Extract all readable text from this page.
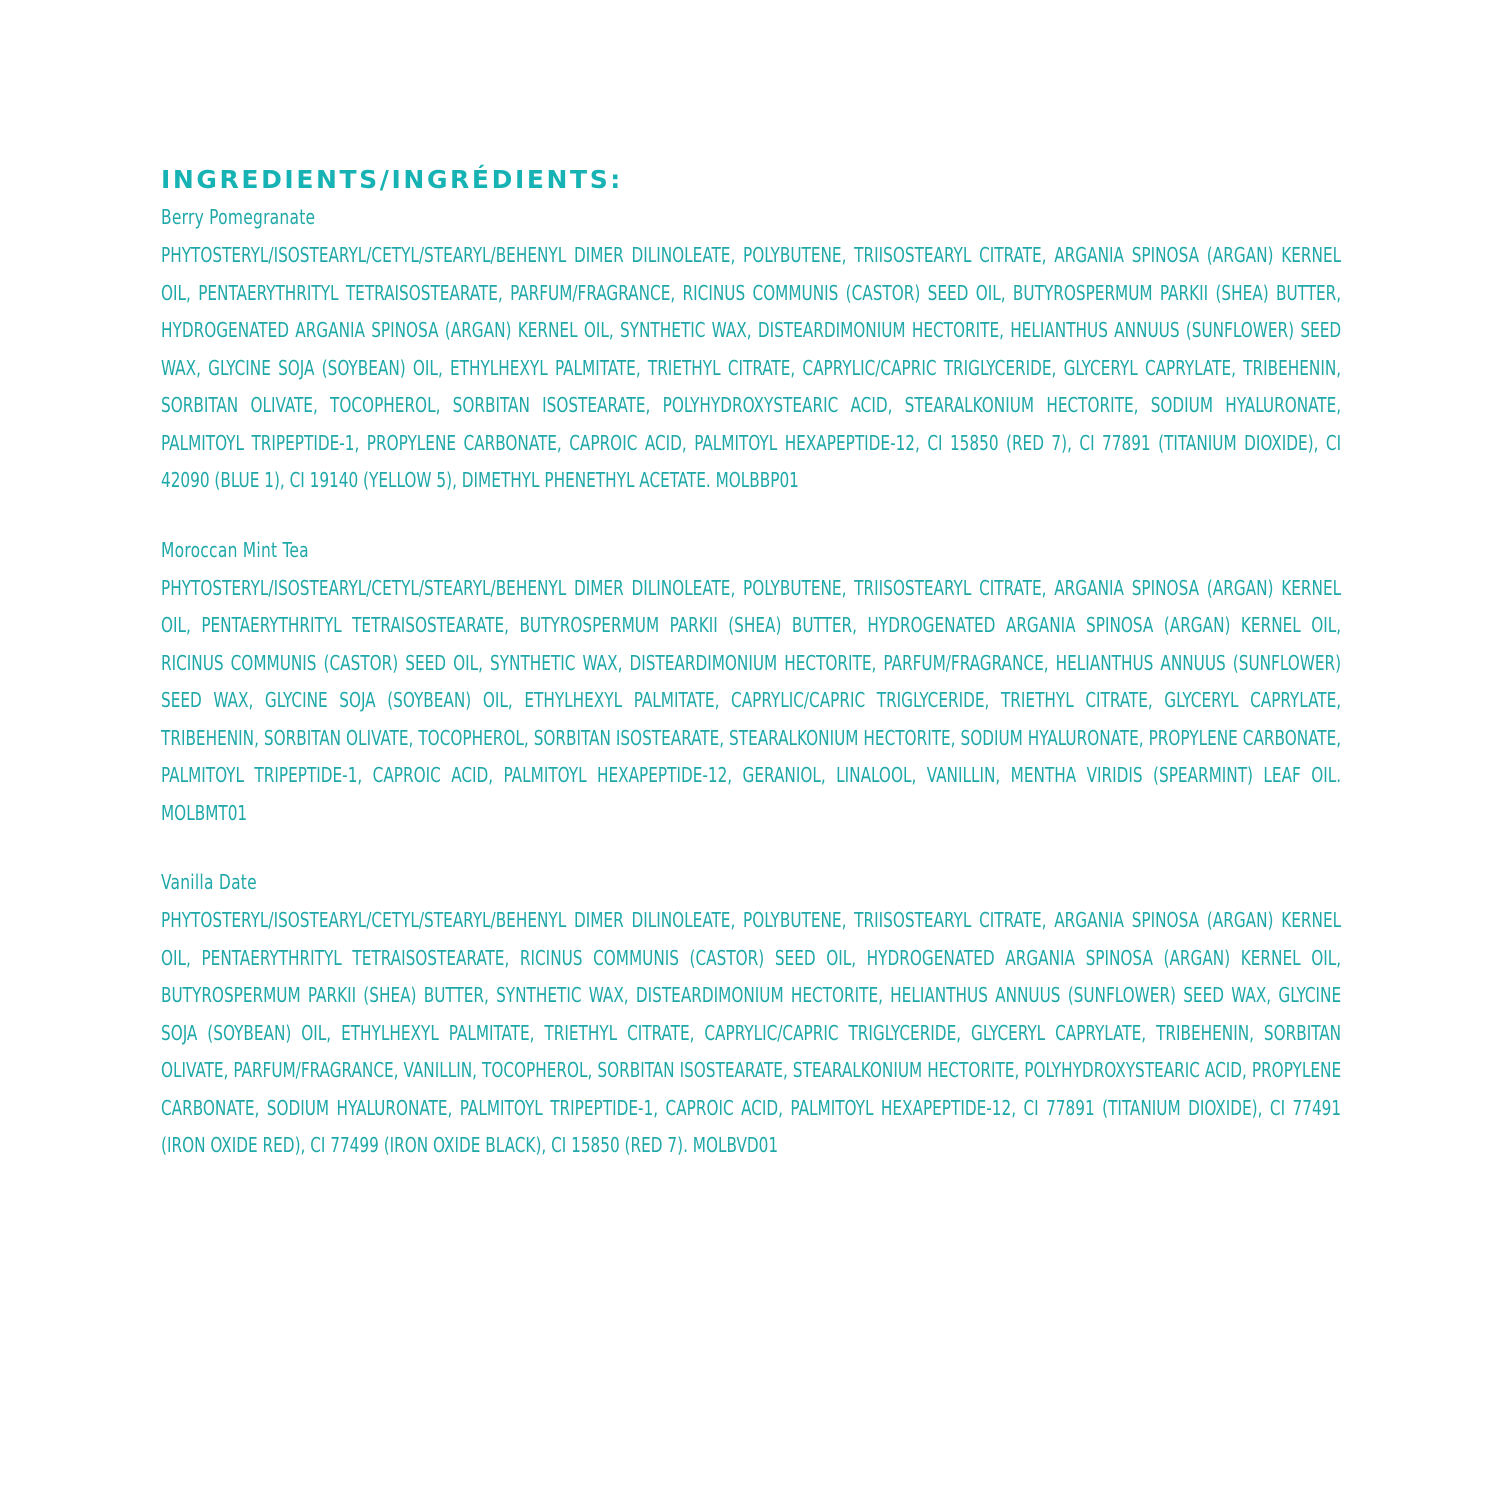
INGREDIENTS/INGRÉDIENTS:
Berry Pomegranate

PHYTOSTERYL/ISOSTEARYL/CETYL/STEARYL/BEHENYL DIMER DILINOLEATE, POLYBUTENE, TRIISOSTEARYL CITRATE, ARGANIA SPINOSA (ARGAN) KERNEL OIL, PENTAERYTHRITYL TETRAISOSTEARATE, PARFUM/FRAGRANCE, RICINUS COMMUNIS (CASTOR) SEED OIL, BUTYROSPERMUM PARKII (SHEA) BUTTER, HYDROGENATED ARGANIA SPINOSA (ARGAN) KERNEL OIL, SYNTHETIC WAX, DISTEARDIMONIUM HECTORITE, HELIANTHUS ANNUUS (SUNFLOWER) SEED WAX, GLYCINE SOJA (SOYBEAN) OIL, ETHYLHEXYL PALMITATE, TRIETHYL CITRATE, CAPRYLIC/CAPRIC TRIGLYCERIDE, GLYCERYL CAPRYLATE, TRIBEHENIN, SORBITAN OLIVATE, TOCOPHEROL, SORBITAN ISOSTEARATE, POLYHYDROXYSTEARIC ACID, STEARALKONIUM HECTORITE, SODIUM HYALURONATE, PALMITOYL TRIPEPTIDE-1, PROPYLENE CARBONATE, CAPROIC ACID, PALMITOYL HEXAPEPTIDE-12, CI 15850 (RED 7), CI 77891 (TITANIUM DIOXIDE), CI 42090 (BLUE 1), CI 19140 (YELLOW 5), DIMETHYL PHENETHYL ACETATE. MOLBBP01

Moroccan Mint Tea

PHYTOSTERYL/ISOSTEARYL/CETYL/STEARYL/BEHENYL DIMER DILINOLEATE, POLYBUTENE, TRIISOSTEARYL CITRATE, ARGANIA SPINOSA (ARGAN) KERNEL OIL, PENTAERYTHRITYL TETRAISOSTEARATE, BUTYROSPERMUM PARKII (SHEA) BUTTER, HYDROGENATED ARGANIA SPINOSA (ARGAN) KERNEL OIL, RICINUS COMMUNIS (CASTOR) SEED OIL, SYNTHETIC WAX, DISTEARDIMONIUM HECTORITE, PARFUM/FRAGRANCE, HELIANTHUS ANNUUS (SUNFLOWER) SEED WAX, GLYCINE SOJA (SOYBEAN) OIL, ETHYLHEXYL PALMITATE, CAPRYLIC/CAPRIC TRIGLYCERIDE, TRIETHYL CITRATE, GLYCERYL CAPRYLATE, TRIBEHENIN, SORBITAN OLIVATE, TOCOPHEROL, SORBITAN ISOSTEARATE, STEARALKONIUM HECTORITE, SODIUM HYALURONATE, PROPYLENE CARBONATE, PALMITOYL TRIPEPTIDE-1, CAPROIC ACID, PALMITOYL HEXAPEPTIDE-12, GERANIOL, LINALOOL, VANILLIN, MENTHA VIRIDIS (SPEARMINT) LEAF OIL. MOLBMT01

Vanilla Date

PHYTOSTERYL/ISOSTEARYL/CETYL/STEARYL/BEHENYL DIMER DILINOLEATE, POLYBUTENE, TRIISOSTEARYL CITRATE, ARGANIA SPINOSA (ARGAN) KERNEL OIL, PENTAERYTHRITYL TETRAISOSTEARATE, RICINUS COMMUNIS (CASTOR) SEED OIL, HYDROGENATED ARGANIA SPINOSA (ARGAN) KERNEL OIL, BUTYROSPERMUM PARKII (SHEA) BUTTER, SYNTHETIC WAX, DISTEARDIMONIUM HECTORITE, HELIANTHUS ANNUUS (SUNFLOWER) SEED WAX, GLYCINE SOJA (SOYBEAN) OIL, ETHYLHEXYL PALMITATE, TRIETHYL CITRATE, CAPRYLIC/CAPRIC TRIGLYCERIDE, GLYCERYL CAPRYLATE, TRIBEHENIN, SORBITAN OLIVATE, PARFUM/FRAGRANCE, VANILLIN, TOCOPHEROL, SORBITAN ISOSTEARATE, STEARALKONIUM HECTORITE, POLYHYDROXYSTEARIC ACID, PROPYLENE CARBONATE, SODIUM HYALURONATE, PALMITOYL TRIPEPTIDE-1, CAPROIC ACID, PALMITOYL HEXAPEPTIDE-12, CI 77891 (TITANIUM DIOXIDE), CI 77491 (IRON OXIDE RED), CI 77499 (IRON OXIDE BLACK), CI 15850 (RED 7). MOLBVD01
